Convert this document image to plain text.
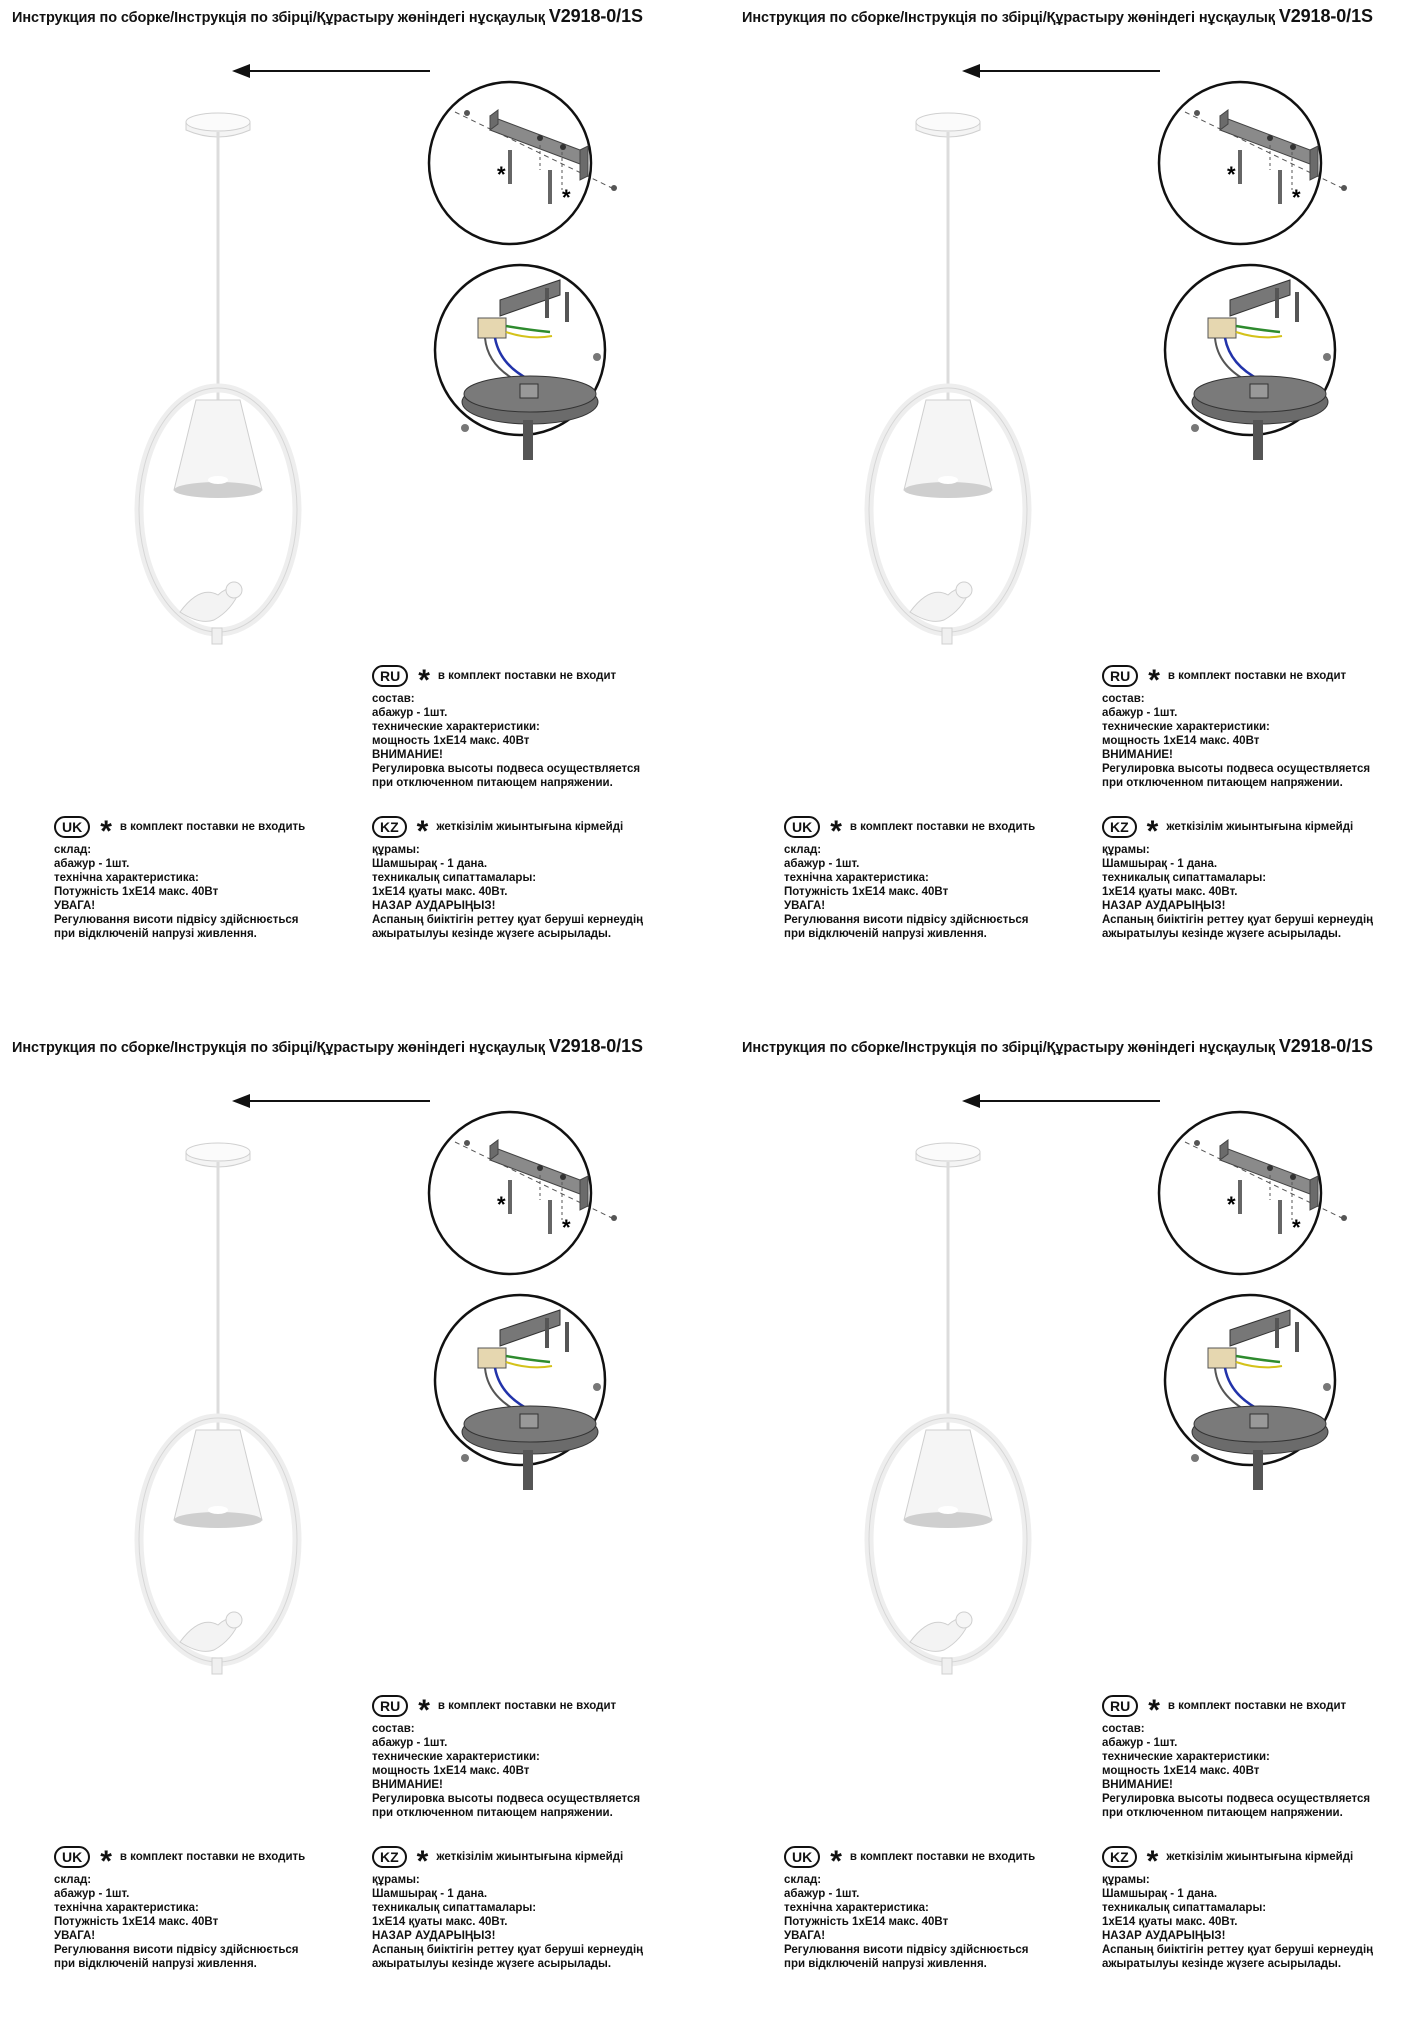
Инструкция по сборке/Інструкція по збірці/Құрастыру жөніндегі нұсқаулық V2918-0/1S
*
*
RU * в комплект поставки не входит
состав:
абажур - 1шт.
технические характеристики:
мощность 1хЕ14 макс. 40Вт
ВНИМАНИЕ!
Регулировка высоты подвеса осуществляется
при отключенном питающем напряжении.
UK * в комплект поставки не входить
склад:
абажур - 1шт.
технічна характеристика:
Потужність 1хЕ14 макс. 40Вт
УВАГА!
Регулювання висоти підвісу здійснюється
при відключеній напрузі живлення.
KZ * жеткізілім жиынтығына кірмейді
құрамы:
Шамшырақ - 1 дана.
техникалық сипаттамалары:
1хЕ14 қуаты макс. 40Вт.
НАЗАР АУДАРЫҢЫЗ!
Аспаның биіктігін реттеу қуат беруші кернеудің
ажыратылуы кезінде жүзеге асырылады.
Инструкция по сборке/Інструкція по збірці/Құрастыру жөніндегі нұсқаулық V2918-0/1S
*
*
RU * в комплект поставки не входит
состав:
абажур - 1шт.
технические характеристики:
мощность 1хЕ14 макс. 40Вт
ВНИМАНИЕ!
Регулировка высоты подвеса осуществляется
при отключенном питающем напряжении.
UK * в комплект поставки не входить
склад:
абажур - 1шт.
технічна характеристика:
Потужність 1хЕ14 макс. 40Вт
УВАГА!
Регулювання висоти підвісу здійснюється
при відключеній напрузі живлення.
KZ * жеткізілім жиынтығына кірмейді
құрамы:
Шамшырақ - 1 дана.
техникалық сипаттамалары:
1хЕ14 қуаты макс. 40Вт.
НАЗАР АУДАРЫҢЫЗ!
Аспаның биіктігін реттеу қуат беруші кернеудің
ажыратылуы кезінде жүзеге асырылады.
Инструкция по сборке/Інструкція по збірці/Құрастыру жөніндегі нұсқаулық V2918-0/1S
*
*
RU * в комплект поставки не входит
состав:
абажур - 1шт.
технические характеристики:
мощность 1хЕ14 макс. 40Вт
ВНИМАНИЕ!
Регулировка высоты подвеса осуществляется
при отключенном питающем напряжении.
UK * в комплект поставки не входить
склад:
абажур - 1шт.
технічна характеристика:
Потужність 1хЕ14 макс. 40Вт
УВАГА!
Регулювання висоти підвісу здійснюється
при відключеній напрузі живлення.
KZ * жеткізілім жиынтығына кірмейді
құрамы:
Шамшырақ - 1 дана.
техникалық сипаттамалары:
1хЕ14 қуаты макс. 40Вт.
НАЗАР АУДАРЫҢЫЗ!
Аспаның биіктігін реттеу қуат беруші кернеудің
ажыратылуы кезінде жүзеге асырылады.
Инструкция по сборке/Інструкція по збірці/Құрастыру жөніндегі нұсқаулық V2918-0/1S
*
*
RU * в комплект поставки не входит
состав:
абажур - 1шт.
технические характеристики:
мощность 1хЕ14 макс. 40Вт
ВНИМАНИЕ!
Регулировка высоты подвеса осуществляется
при отключенном питающем напряжении.
UK * в комплект поставки не входить
склад:
абажур - 1шт.
технічна характеристика:
Потужність 1хЕ14 макс. 40Вт
УВАГА!
Регулювання висоти підвісу здійснюється
при відключеній напрузі живлення.
KZ * жеткізілім жиынтығына кірмейді
құрамы:
Шамшырақ - 1 дана.
техникалық сипаттамалары:
1хЕ14 қуаты макс. 40Вт.
НАЗАР АУДАРЫҢЫЗ!
Аспаның биіктігін реттеу қуат беруші кернеудің
ажыратылуы кезінде жүзеге асырылады.
